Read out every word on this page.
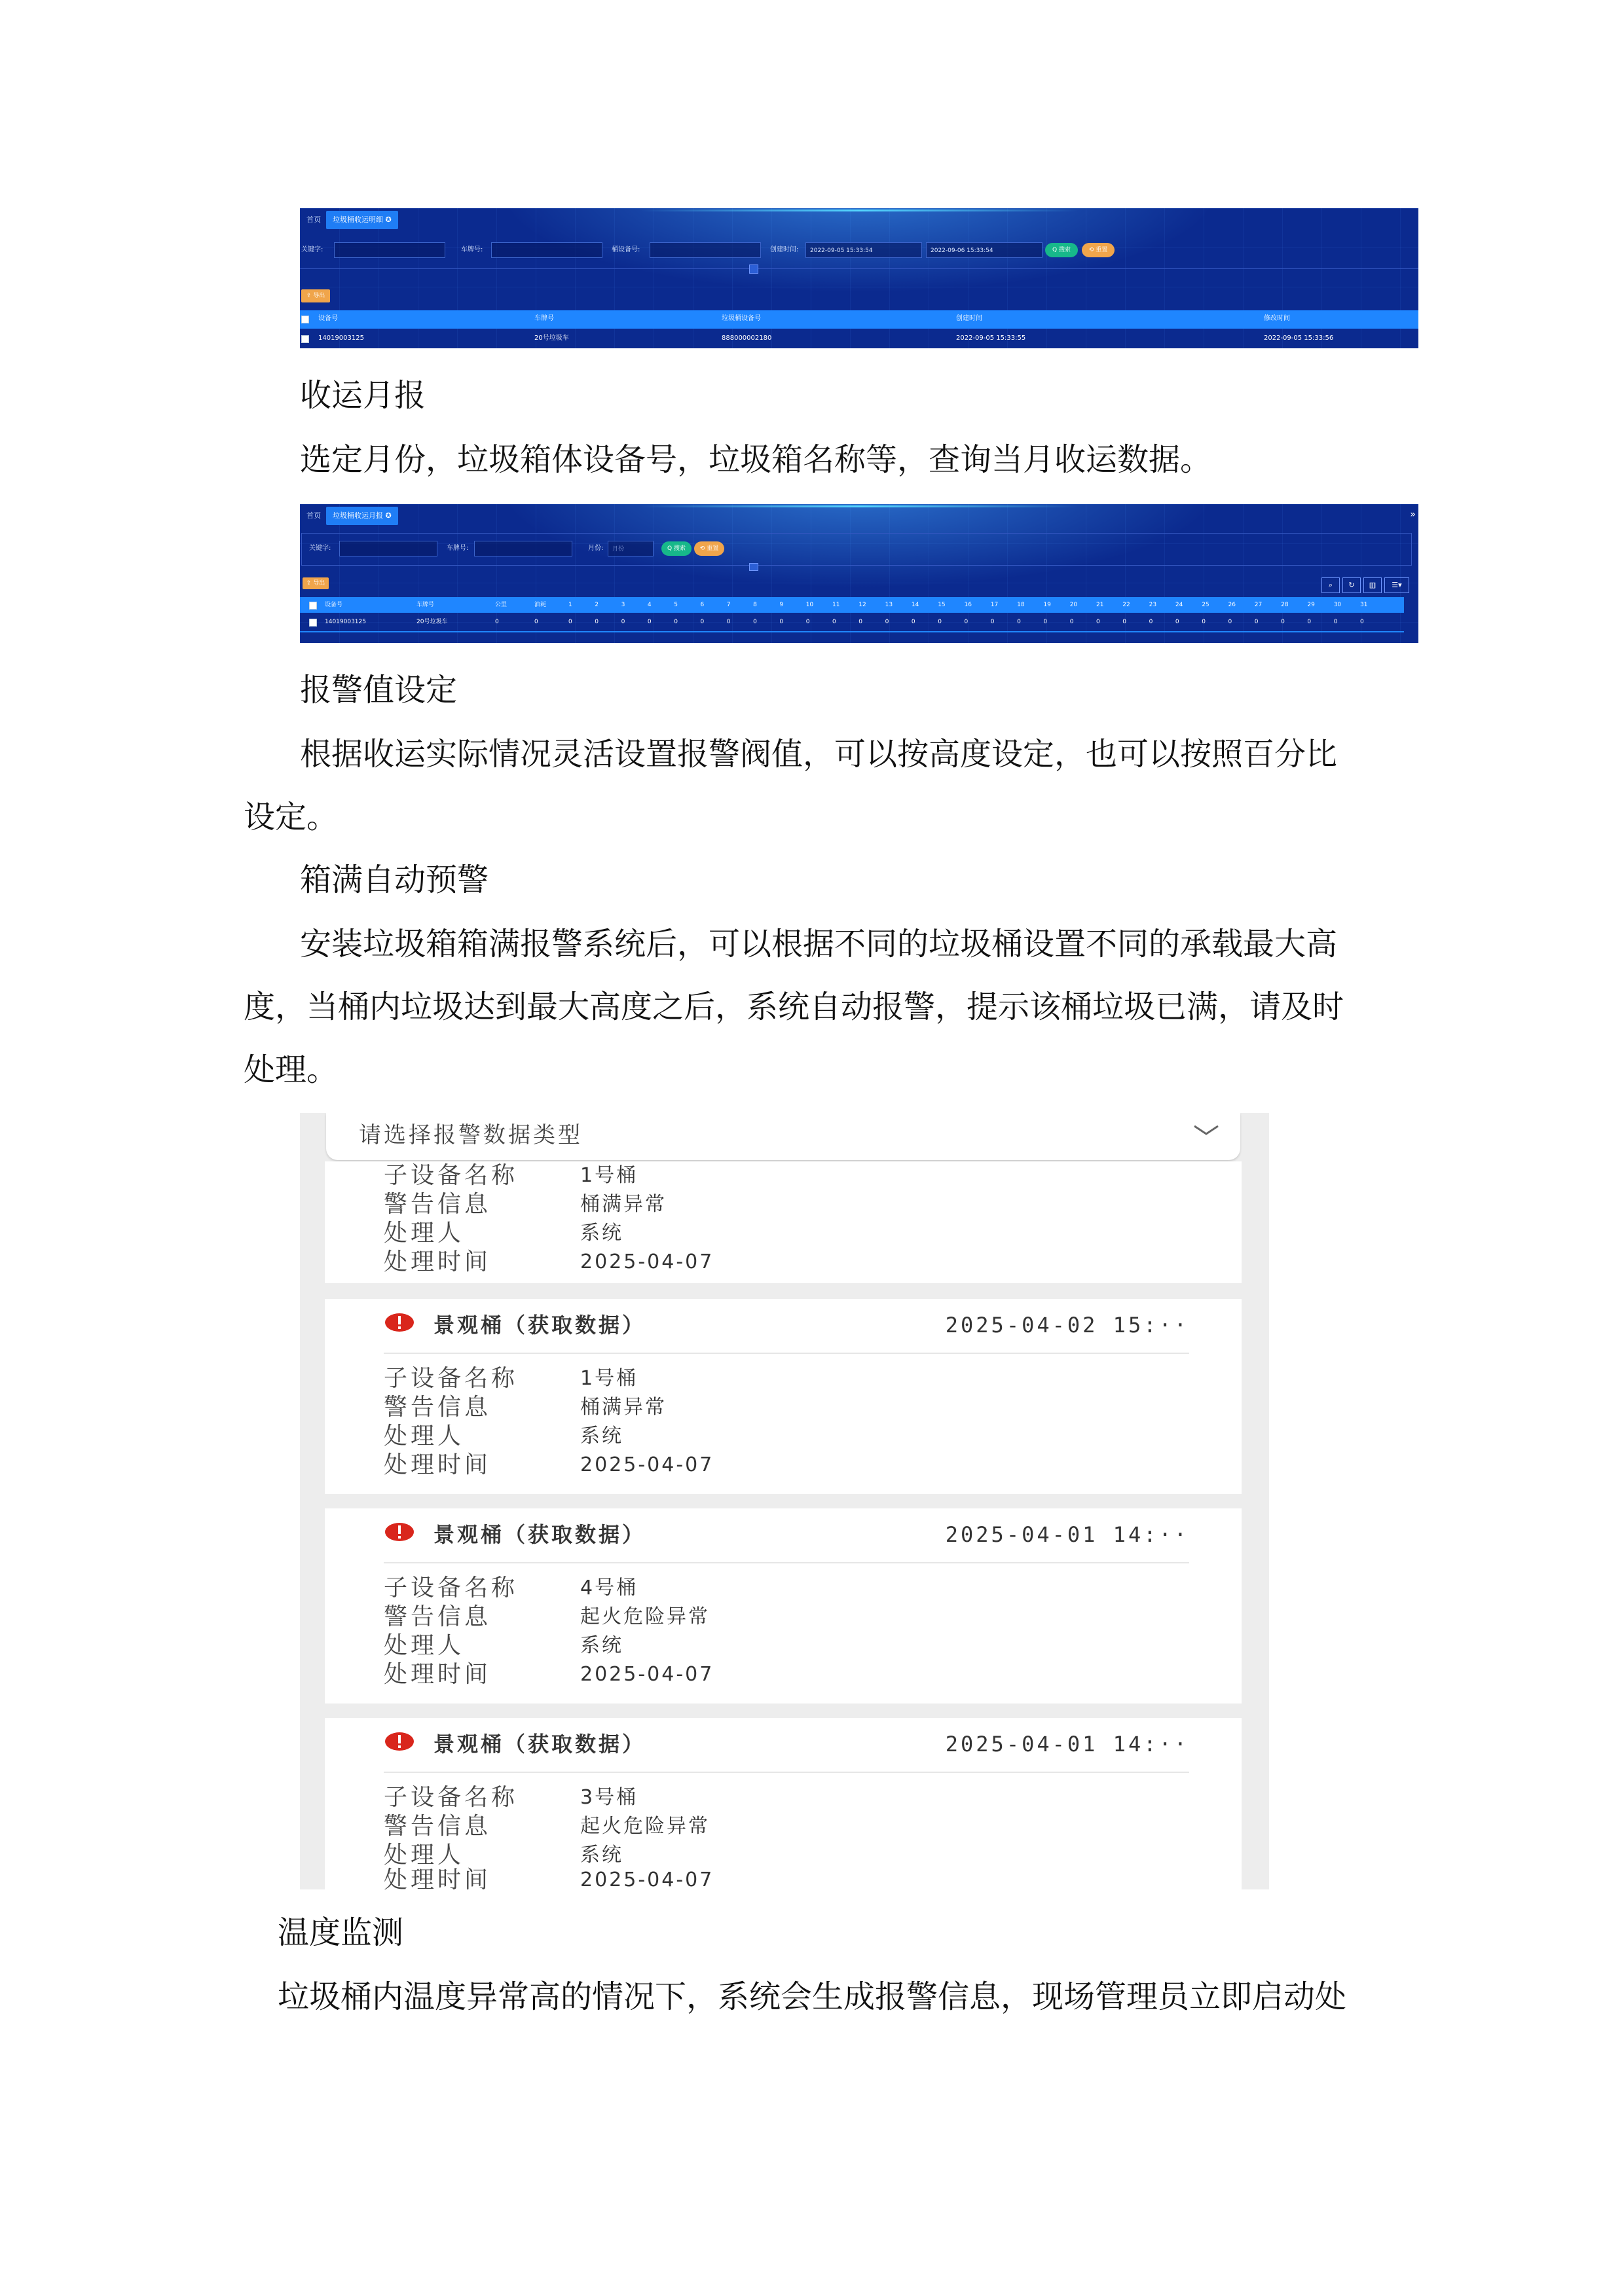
首页	垃圾桶收运明细 ✪
关键字:	车牌号:	桶设备号:	创建时间:	2022-09-05 15:33:54	2022-09-06 15:33:54	Q 搜索	⟲ 重置
⇪ 导出
设备号	车牌号	垃圾桶设备号	创建时间	修改时间
14019003125	20号垃圾车	888000002180	2022-09-05 15:33:55	2022-09-05 15:33:56
收运月报
选定月份，垃圾箱体设备号，垃圾箱名称等，查询当月收运数据。
首页	垃圾桶收运月报 ✪	»
关键字:	车牌号:	月份:	月份	Q 搜索	⟲ 重置
⇪ 导出	⌕	↻	▥	☰▾
设备号	车牌号	公里	油耗	1	2	3	4	5	6	7	8	9	10	11	12	13	14	15	16	17	18	19	20	21	22	23	24	25	26	27	28	29	30	31
14019003125	20号垃圾车	0	0	0	0	0	0	0	0	0	0	0	0	0	0	0	0	0	0	0	0	0	0	0	0	0	0	0	0	0	0	0	0	0
报警值设定
根据收运实际情况灵活设置报警阀值，可以按高度设定，也可以按照百分比
设定。
箱满自动预警
安装垃圾箱箱满报警系统后，可以根据不同的垃圾桶设置不同的承载最大高
度，当桶内垃圾达到最大高度之后，系统自动报警，提示该桶垃圾已满，请及时
处理。
请选择报警数据类型
子设备名称	1号桶
警告信息	桶满异常
处理人	系统
处理时间	2025-04-07
景观桶（获取数据）	2025-04-02 15:··
子设备名称	1号桶
警告信息	桶满异常
处理人	系统
处理时间	2025-04-07
景观桶（获取数据）	2025-04-01 14:··
子设备名称	4号桶
警告信息	起火危险异常
处理人	系统
处理时间	2025-04-07
景观桶（获取数据）	2025-04-01 14:··
子设备名称	3号桶
警告信息	起火危险异常
处理人	系统
处理时间	2025-04-07
温度监测
垃圾桶内温度异常高的情况下，系统会生成报警信息，现场管理员立即启动处
